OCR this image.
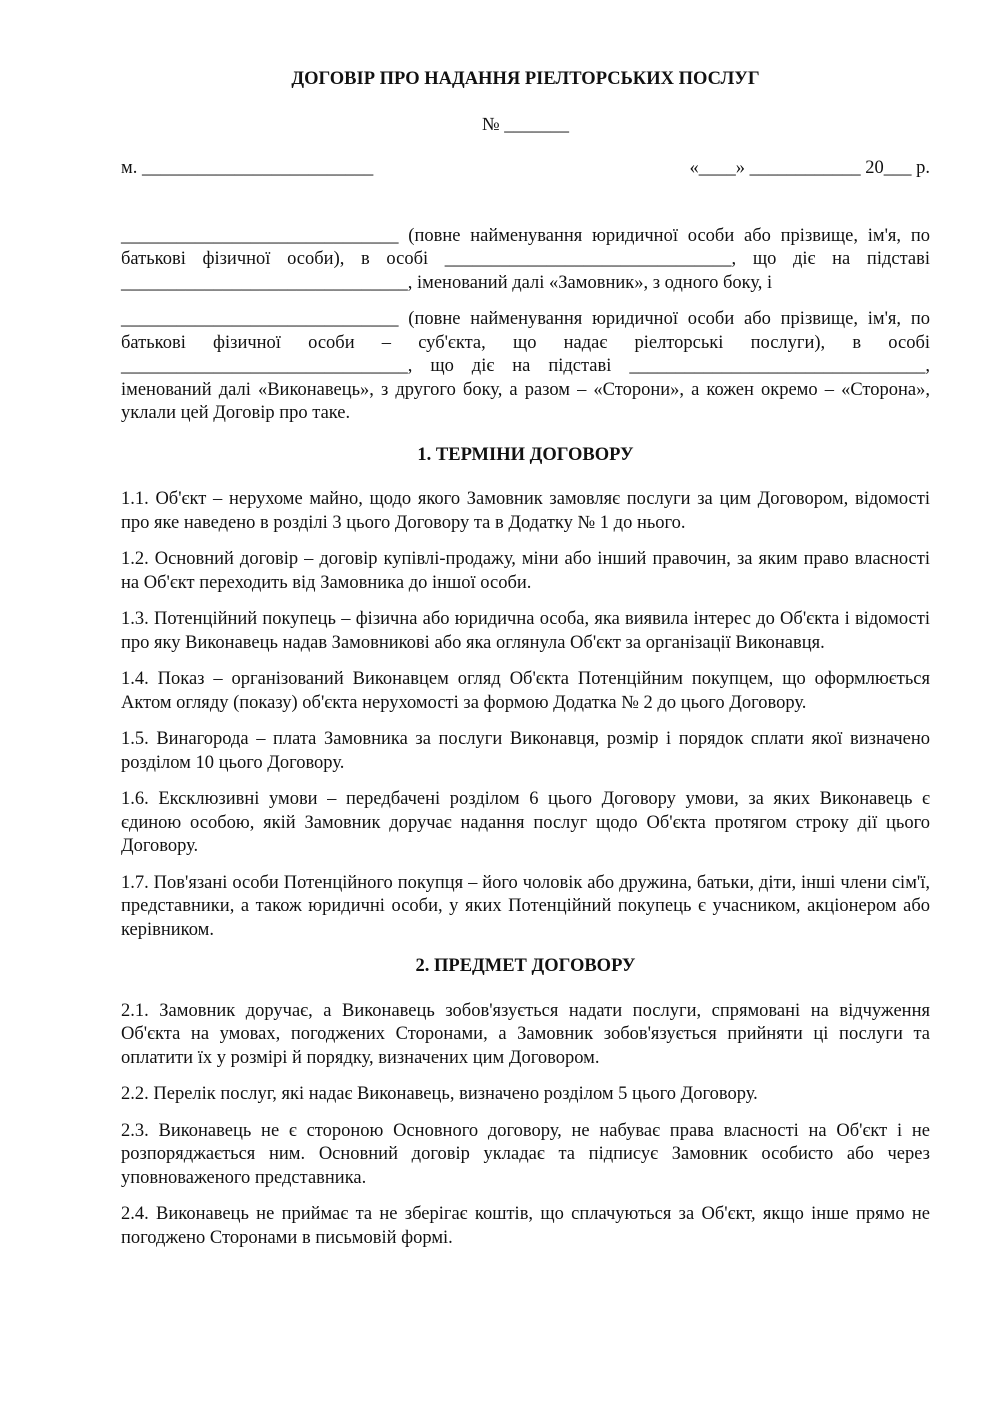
ДОГОВІР ПРО НАДАННЯ РІЕЛТОРСЬКИХ ПОСЛУГ
№ _______
м. _________________________	«____» ____________ 20___ р.

______________________________ (повне найменування юридичної особи або прізвище, ім'я, по батькові фізичної особи), в особі _______________________________, що діє на підставі _______________________________, іменований далі «Замовник», з одного боку, і

______________________________ (повне найменування юридичної особи або прізвище, ім'я, по батькові фізичної особи – суб'єкта, що надає ріелторські послуги), в особі _______________________________, що діє на підставі ________________________________, іменований далі «Виконавець», з другого боку, а разом – «Сторони», а кожен окремо – «Сторона», уклали цей Договір про таке.

1. ТЕРМІНИ ДОГОВОРУ

1.1. Об'єкт – нерухоме майно, щодо якого Замовник замовляє послуги за цим Договором, відомості про яке наведено в розділі 3 цього Договору та в Додатку № 1 до нього.

1.2. Основний договір – договір купівлі-продажу, міни або інший правочин, за яким право власності на Об'єкт переходить від Замовника до іншої особи.

1.3. Потенційний покупець – фізична або юридична особа, яка виявила інтерес до Об'єкта і відомості про яку Виконавець надав Замовникові або яка оглянула Об'єкт за організації Виконавця.

1.4. Показ – організований Виконавцем огляд Об'єкта Потенційним покупцем, що оформлюється Актом огляду (показу) об'єкта нерухомості за формою Додатка № 2 до цього Договору.

1.5. Винагорода – плата Замовника за послуги Виконавця, розмір і порядок сплати якої визначено розділом 10 цього Договору.

1.6. Ексклюзивні умови – передбачені розділом 6 цього Договору умови, за яких Виконавець є єдиною особою, якій Замовник доручає надання послуг щодо Об'єкта протягом строку дії цього Договору.

1.7. Пов'язані особи Потенційного покупця – його чоловік або дружина, батьки, діти, інші члени сім'ї, представники, а також юридичні особи, у яких Потенційний покупець є учасником, акціонером або керівником.

2. ПРЕДМЕТ ДОГОВОРУ

2.1. Замовник доручає, а Виконавець зобов'язується надати послуги, спрямовані на відчуження Об'єкта на умовах, погоджених Сторонами, а Замовник зобов'язується прийняти ці послуги та оплатити їх у розмірі й порядку, визначених цим Договором.

2.2. Перелік послуг, які надає Виконавець, визначено розділом 5 цього Договору.

2.3. Виконавець не є стороною Основного договору, не набуває права власності на Об'єкт і не розпоряджається ним. Основний договір укладає та підписує Замовник особисто або через уповноваженого представника.

2.4. Виконавець не приймає та не зберігає коштів, що сплачуються за Об'єкт, якщо інше прямо не погоджено Сторонами в письмовій формі.
